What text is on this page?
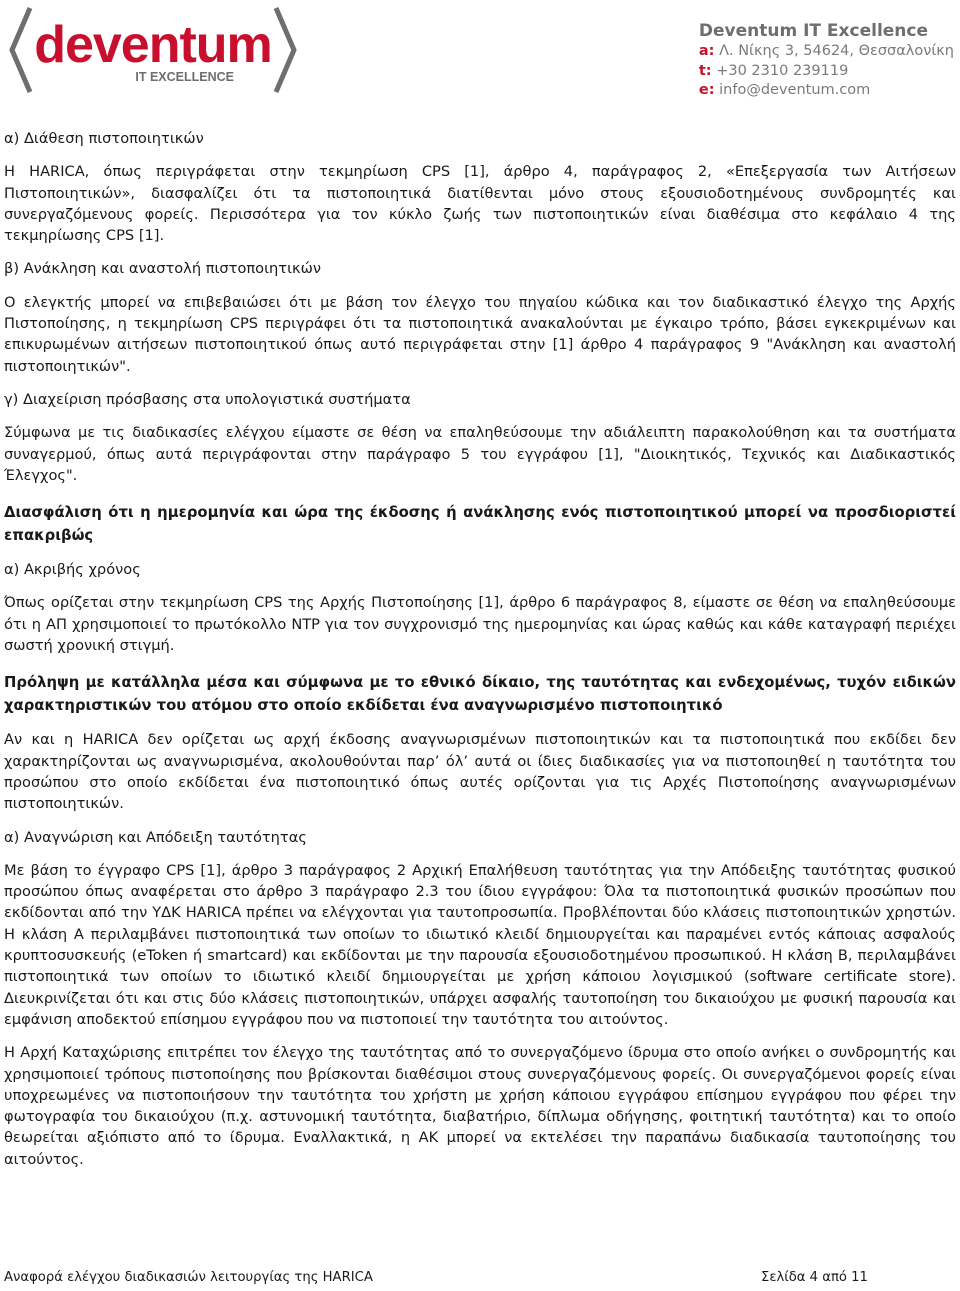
deventum
IT EXCELLENCE
Deventum IT Excellence
a: Λ. Νίκης 3, 54624, Θεσσαλονίκη
t: +30 2310 239119
e: info@deventum.com
α) Διάθεση πιστοποιητικών

Η HARICA, όπως περιγράφεται στην τεκμηρίωση CPS [1], άρθρο 4, παράγραφος 2, «Επεξεργασία των Αιτήσεων Πιστοποιητικών», διασφαλίζει ότι τα πιστοποιητικά διατίθενται μόνο στους εξουσιοδοτημένους συνδρομητές και συνεργαζόμενους φορείς. Περισσότερα για τον κύκλο ζωής των πιστοποιητικών είναι διαθέσιμα στο κεφάλαιο 4 της τεκμηρίωσης CPS [1].

β) Ανάκληση και αναστολή πιστοποιητικών

Ο ελεγκτής μπορεί να επιβεβαιώσει ότι με βάση τον έλεγχο του πηγαίου κώδικα και τον διαδικαστικό έλεγχο της Αρχής Πιστοποίησης, η τεκμηρίωση CPS περιγράφει ότι τα πιστοποιητικά ανακαλούνται με έγκαιρο τρόπο, βάσει εγκεκριμένων και επικυρωμένων αιτήσεων πιστοποιητικού όπως αυτό περιγράφεται στην [1] άρθρο 4 παράγραφος 9 "Ανάκληση και αναστολή πιστοποιητικών".

γ) Διαχείριση πρόσβασης στα υπολογιστικά συστήματα

Σύμφωνα με τις διαδικασίες ελέγχου είμαστε σε θέση να επαληθεύσουμε την αδιάλειπτη παρακολούθηση και τα συστήματα συναγερμού, όπως αυτά περιγράφονται στην παράγραφο 5 του εγγράφου [1], "Διοικητικός, Τεχνικός και Διαδικαστικός Έλεγχος".

Διασφάλιση ότι η ημερομηνία και ώρα της έκδοσης ή ανάκλησης ενός πιστοποιητικού μπορεί να προσδιοριστεί επακριβώς
α) Ακριβής χρόνος

Όπως ορίζεται στην τεκμηρίωση CPS της Αρχής Πιστοποίησης [1], άρθρο 6 παράγραφος 8, είμαστε σε θέση να επαληθεύσουμε ότι η ΑΠ χρησιμοποιεί το πρωτόκολλο NTP για τον συγχρονισμό της ημερομηνίας και ώρας καθώς και κάθε καταγραφή περιέχει σωστή χρονική στιγμή.

Πρόληψη με κατάλληλα μέσα και σύμφωνα με το εθνικό δίκαιο, της ταυτότητας και ενδεχομένως, τυχόν ειδικών χαρακτηριστικών του ατόμου στο οποίο εκδίδεται ένα αναγνωρισμένο πιστοποιητικό

Αν και η HARICA δεν ορίζεται ως αρχή έκδοσης αναγνωρισμένων πιστοποιητικών και τα πιστοποιητικά που εκδίδει δεν χαρακτηρίζονται ως αναγνωρισμένα, ακολουθούνται παρ’ όλ’ αυτά οι ίδιες διαδικασίες για να πιστοποιηθεί η ταυτότητα του προσώπου στο οποίο εκδίδεται ένα πιστοποιητικό όπως αυτές ορίζονται για τις Αρχές Πιστοποίησης αναγνωρισμένων πιστοποιητικών.

α) Αναγνώριση και Απόδειξη ταυτότητας

Με βάση το έγγραφο CPS [1], άρθρο 3 παράγραφος 2 Αρχική Επαλήθευση ταυτότητας για την Απόδειξης ταυτότητας φυσικού προσώπου όπως αναφέρεται στο άρθρο 3 παράγραφο 2.3 του ίδιου εγγράφου: Όλα τα πιστοποιητικά φυσικών προσώπων που εκδίδονται από την ΥΔΚ HARICA πρέπει να ελέγχονται για ταυτοπροσωπία. Προβλέπονται δύο κλάσεις πιστοποιητικών χρηστών. Η κλάση Α περιλαμβάνει πιστοποιητικά των οποίων το ιδιωτικό κλειδί δημιουργείται και παραμένει εντός κάποιας ασφαλούς κρυπτοσυσκευής (eToken ή smartcard) και εκδίδονται με την παρουσία εξουσιοδοτημένου προσωπικού. Η κλάση Β, περιλαμβάνει πιστοποιητικά των οποίων το ιδιωτικό κλειδί δημιουργείται με χρήση κάποιου λογισμικού (software certificate store). Διευκρινίζεται ότι και στις δύο κλάσεις πιστοποιητικών, υπάρχει ασφαλής ταυτοποίηση του δικαιούχου με φυσική παρουσία και εμφάνιση αποδεκτού επίσημου εγγράφου που να πιστοποιεί την ταυτότητα του αιτούντος.

Η Αρχή Καταχώρισης επιτρέπει τον έλεγχο της ταυτότητας από το συνεργαζόμενο ίδρυμα στο οποίο ανήκει ο συνδρομητής και χρησιμοποιεί τρόπους πιστοποίησης που βρίσκονται διαθέσιμοι στους συνεργαζόμενους φορείς. Οι συνεργαζόμενοι φορείς είναι υποχρεωμένες να πιστοποιήσουν την ταυτότητα του χρήστη με χρήση κάποιου εγγράφου επίσημου εγγράφου που φέρει την φωτογραφία του δικαιούχου (π.χ. αστυνομική ταυτότητα, διαβατήριο, δίπλωμα οδήγησης, φοιτητική ταυτότητα) και το οποίο θεωρείται αξιόπιστο από το ίδρυμα. Εναλλακτικά, η ΑΚ μπορεί να εκτελέσει την παραπάνω διαδικασία ταυτοποίησης του αιτούντος.

Αναφορά ελέγχου διαδικασιών λειτουργίας της HARICA	Σελίδα 4 από 11
